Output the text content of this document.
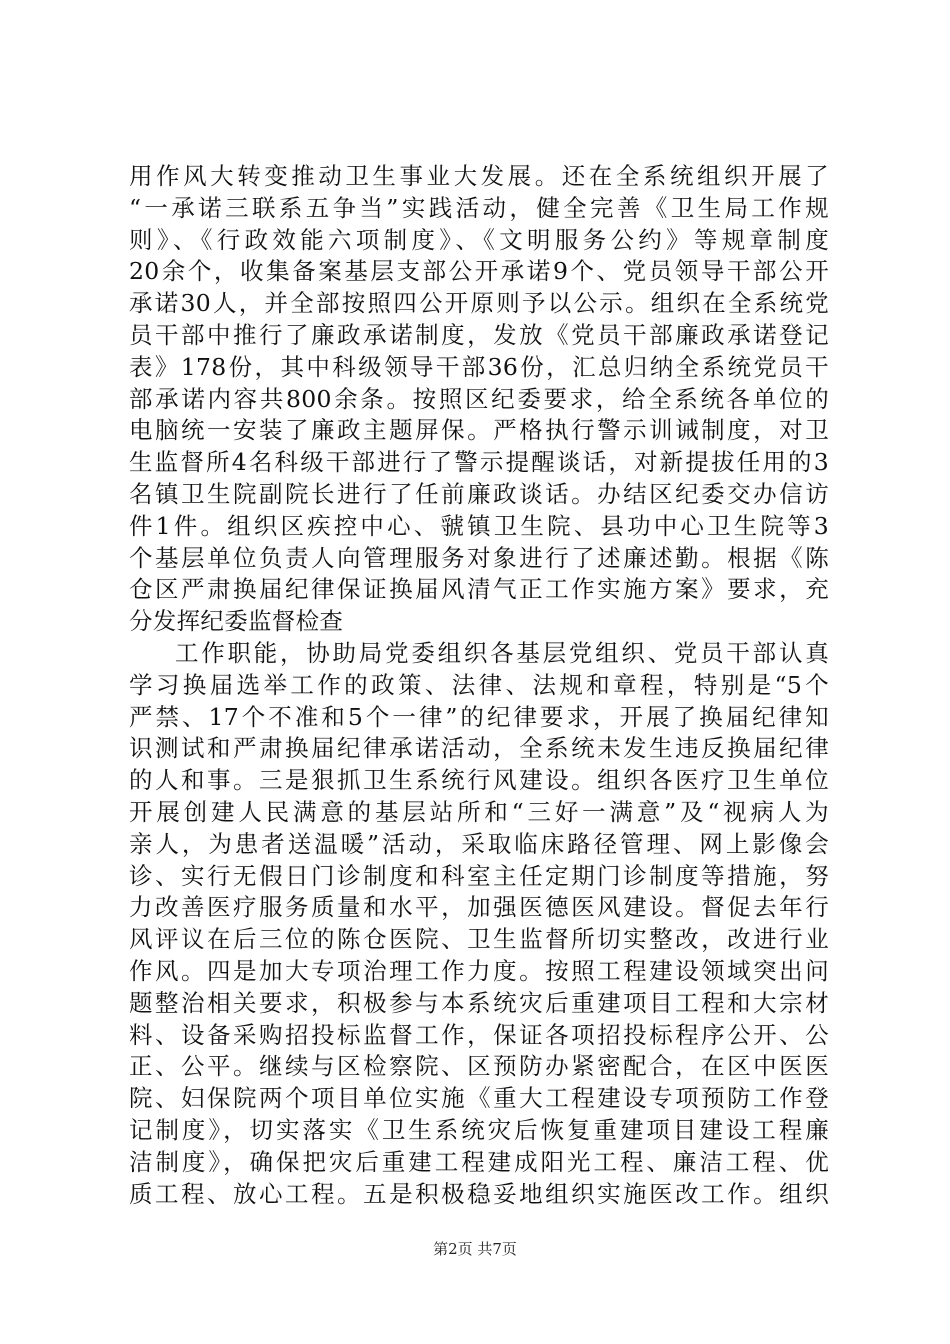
用作风大转变推动卫生事业大发展。还在全系统组织开展了
“一承诺三联系五争当”实践活动，健全完善《卫生局工作规
则》、《行政效能六项制度》、《文明服务公约》等规章制度
20余个，收集备案基层支部公开承诺9个、党员领导干部公开
承诺30人，并全部按照四公开原则予以公示。组织在全系统党
员干部中推行了廉政承诺制度，发放《党员干部廉政承诺登记
表》178份，其中科级领导干部36份，汇总归纳全系统党员干
部承诺内容共800余条。按照区纪委要求，给全系统各单位的
电脑统一安装了廉政主题屏保。严格执行警示训诫制度，对卫
生监督所4名科级干部进行了警示提醒谈话，对新提拔任用的3
名镇卫生院副院长进行了任前廉政谈话。办结区纪委交办信访
件1件。组织区疾控中心、虢镇卫生院、县功中心卫生院等3
个基层单位负责人向管理服务对象进行了述廉述勤。根据《陈
仓区严肃换届纪律保证换届风清气正工作实施方案》要求，充
分发挥纪委监督检查
工作职能，协助局党委组织各基层党组织、党员干部认真
学习换届选举工作的政策、法律、法规和章程，特别是“5个
严禁、17个不准和5个一律”的纪律要求，开展了换届纪律知
识测试和严肃换届纪律承诺活动，全系统未发生违反换届纪律
的人和事。三是狠抓卫生系统行风建设。组织各医疗卫生单位
开展创建人民满意的基层站所和“三好一满意”及“视病人为
亲人，为患者送温暖”活动，采取临床路径管理、网上影像会
诊、实行无假日门诊制度和科室主任定期门诊制度等措施，努
力改善医疗服务质量和水平，加强医德医风建设。督促去年行
风评议在后三位的陈仓医院、卫生监督所切实整改，改进行业
作风。四是加大专项治理工作力度。按照工程建设领域突出问
题整治相关要求，积极参与本系统灾后重建项目工程和大宗材
料、设备采购招投标监督工作，保证各项招投标程序公开、公
正、公平。继续与区检察院、区预防办紧密配合，在区中医医
院、妇保院两个项目单位实施《重大工程建设专项预防工作登
记制度》，切实落实《卫生系统灾后恢复重建项目建设工程廉
洁制度》，确保把灾后重建工程建成阳光工程、廉洁工程、优
质工程、放心工程。五是积极稳妥地组织实施医改工作。组织
第2页 共7页
